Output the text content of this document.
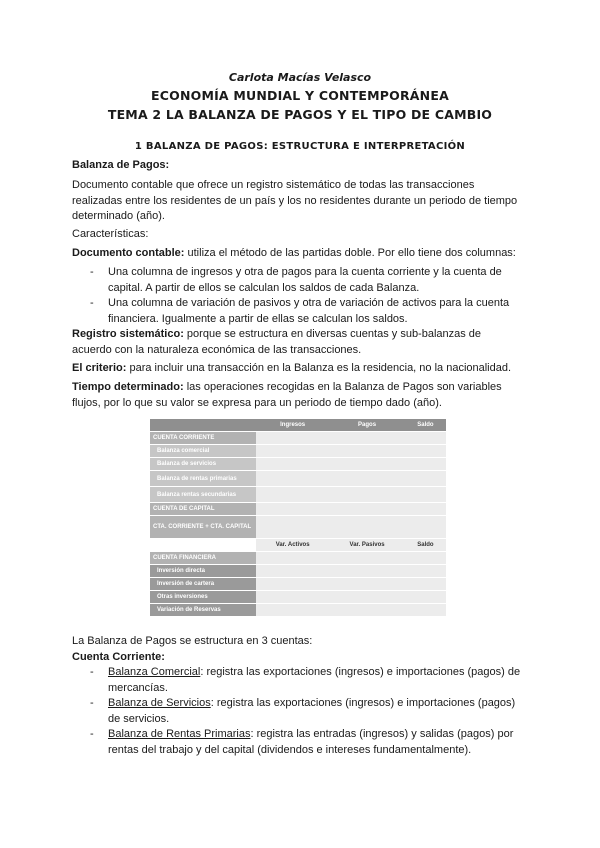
Carlota Macías Velasco
ECONOMÍA MUNDIAL Y CONTEMPORÁNEA
TEMA 2 LA BALANZA DE PAGOS Y EL TIPO DE CAMBIO
1 BALANZA DE PAGOS: ESTRUCTURA E INTERPRETACIÓN
Balanza de Pagos:
Documento contable que ofrece un registro sistemático de todas las transacciones
realizadas entre los residentes de un país y los no residentes durante un periodo de tiempo
determinado (año).
Características:
Documento contable: utiliza el método de las partidas doble. Por ello tiene dos columnas:
- Una columna de ingresos y otra de pagos para la cuenta corriente y la cuenta de
capital. A partir de ellos se calculan los saldos de cada Balanza.
- Una columna de variación de pasivos y otra de variación de activos para la cuenta
financiera. Igualmente a partir de ellas se calculan los saldos.
Registro sistemático: porque se estructura en diversas cuentas y sub-balanzas de
acuerdo con la naturaleza económica de las transacciones.
El criterio: para incluir una transacción en la Balanza es la residencia, no la nacionalidad.
Tiempo determinado: las operaciones recogidas en la Balanza de Pagos son variables
flujos, por lo que su valor se expresa para un periodo de tiempo dado (año).
	Ingresos	Pagos	Saldo
CUENTA CORRIENTE			
Balanza comercial			
Balanza de servicios			
Balanza de rentas primarias			
Balanza rentas secundarias			
CUENTA DE CAPITAL			
CTA. CORRIENTE + CTA. CAPITAL			
	Var. Activos	Var. Pasivos	Saldo
CUENTA FINANCIERA			
Inversión directa			
Inversión de cartera			
Otras inversiones			
Variación de Reservas			
La Balanza de Pagos se estructura en 3 cuentas:
Cuenta Corriente:
- Balanza Comercial: registra las exportaciones (ingresos) e importaciones (pagos) de
mercancías.
- Balanza de Servicios: registra las exportaciones (ingresos) e importaciones (pagos)
de servicios.
- Balanza de Rentas Primarias: registra las entradas (ingresos) y salidas (pagos) por
rentas del trabajo y del capital (dividendos e intereses fundamentalmente).
